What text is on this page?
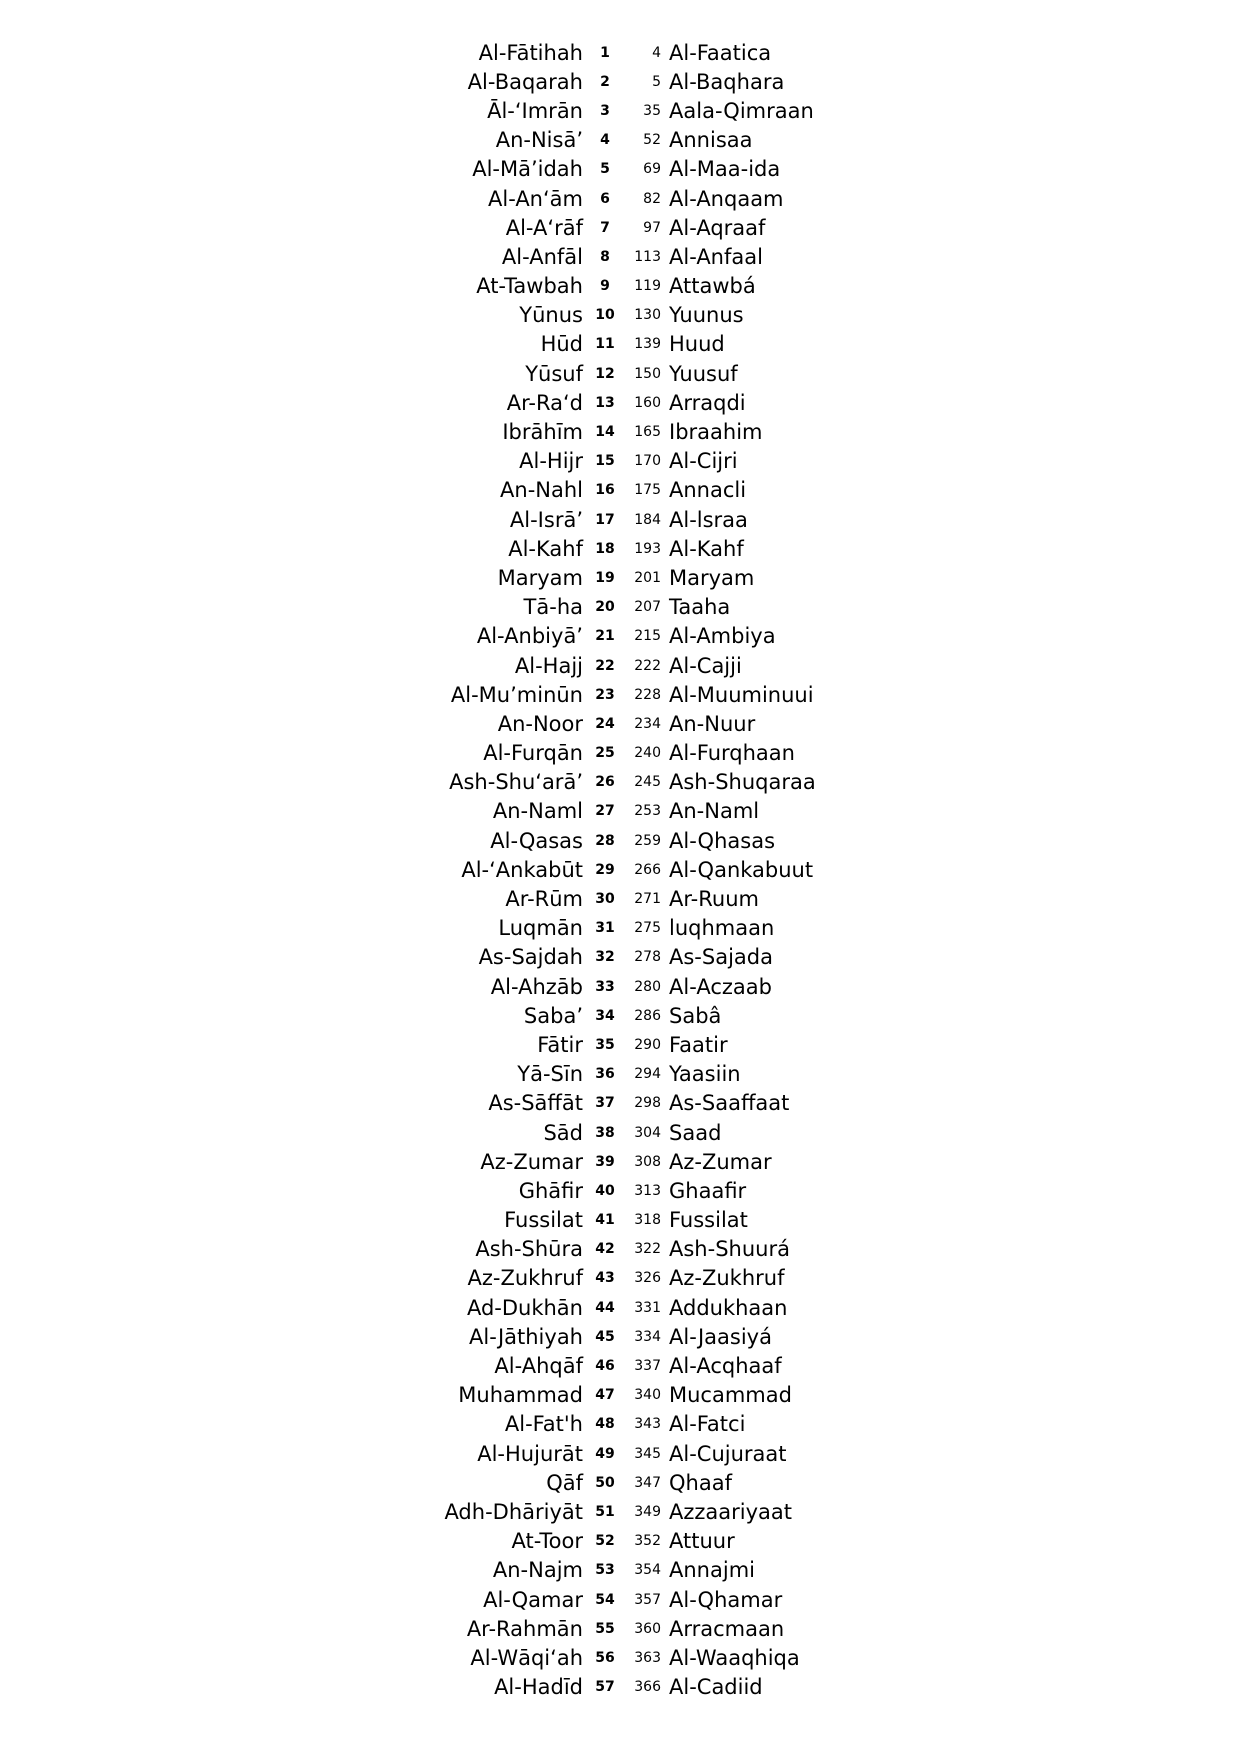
Al-Fātihah	1	4 Al-Faatica
Al-Baqarah	2	5 Al-Baqhara
Āl-‘Imrān	3	35 Aala-Qimraan
An-Nisā’	4	52 Annisaa
Al-Mā’idah	5	69 Al-Maa-ida
Al-An‘ām	6	82 Al-Anqaam
Al-A‘rāf	7	97 Al-Aqraaf
Al-Anfāl	8	113 Al-Anfaal
At-Tawbah	9	119 Attawbá
Yūnus 10	130 Yuunus
Hūd 11	139 Huud
Yūsuf 12	150 Yuusuf
Ar-Ra‘d 13	160 Arraqdi
Ibrāhīm 14	165 Ibraahim
Al-Hijr 15	170 Al-Cijri
An-Nahl 16	175 Annacli
Al-Isrā’ 17	184 Al-lsraa
Al-Kahf 18	193 Al-Kahf
Maryam 19	201 Maryam
Tā-ha 20	207 Taaha
Al-Anbiyā’ 21	215 Al-Ambiya
Al-Hajj 22	222 Al-Cajji
Al-Mu’minūn 23	228 Al-Muuminuui
An-Noor 24	234 An-Nuur
Al-Furqān 25	240 Al-Furqhaan
Ash-Shu‘arā’ 26	245 Ash-Shuqaraa
An-Naml 27	253 An-Naml
Al-Qasas 28	259 Al-Qhasas
Al-‘Ankabūt 29	266 Al-Qankabuut
Ar-Rūm 30	271 Ar-Ruum
Luqmān 31	275 luqhmaan
As-Sajdah 32	278 As-Sajada
Al-Ahzāb 33	280 Al-Aczaab
Saba’ 34	286 Sabâ
Fātir 35	290 Faatir
Yā-Sīn 36	294 Yaasiin
As-Sāffāt 37	298 As-Saaffaat
Sād 38	304 Saad
Az-Zumar 39	308 Az-Zumar
Ghāfir 40	313 Ghaafir
Fussilat 41	318 Fussilat
Ash-Shūra 42	322 Ash-Shuurá
Az-Zukhruf 43	326 Az-Zukhruf
Ad-Dukhān 44	331 Addukhaan
Al-Jāthiyah 45	334 Al-Jaasiyá
Al-Ahqāf 46	337 Al-Acqhaaf
Muhammad 47	340 Mucammad
Al-Fat'h 48	343 Al-Fatci
Al-Hujurāt 49	345 Al-Cujuraat
Qāf 50	347 Qhaaf
Adh-Dhāriyāt 51	349 Azzaariyaat
At-Toor 52	352 Attuur
An-Najm 53	354 Annajmi
Al-Qamar 54	357 Al-Qhamar
Ar-Rahmān 55	360 Arracmaan
Al-Wāqi‘ah 56	363 Al-Waaqhiqa
Al-Hadīd 57	366 Al-Cadiid
